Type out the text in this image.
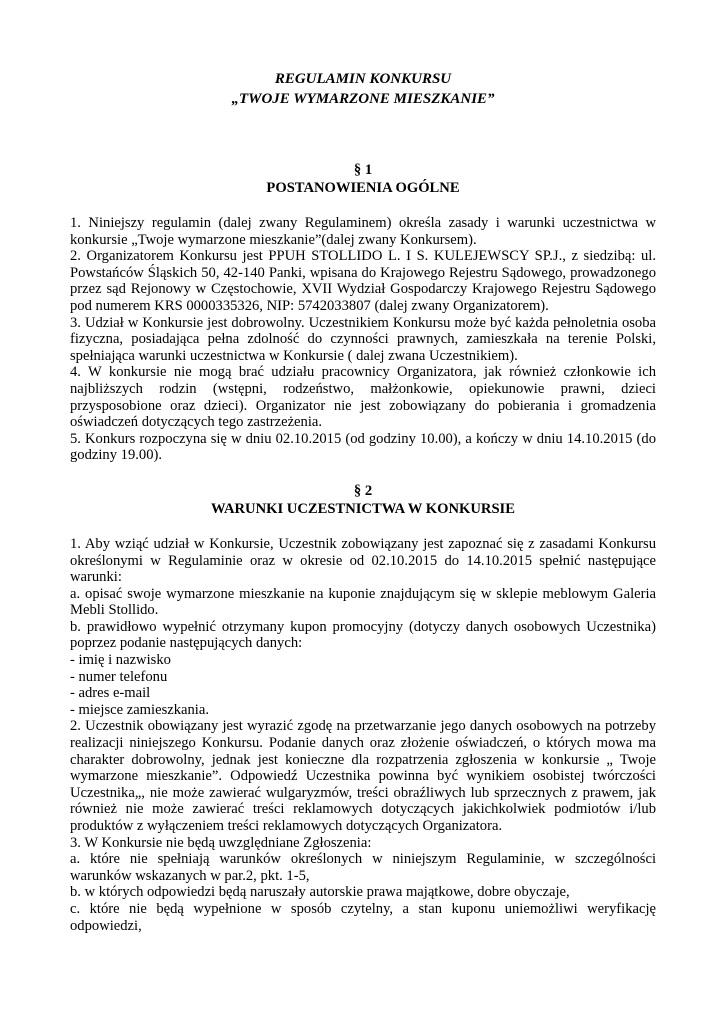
REGULAMIN KONKURSU

„TWOJE WYMARZONE MIESZKANIE”

§ 1

POSTANOWIENIA OGÓLNE

1. Niniejszy regulamin (dalej zwany Regulaminem) określa zasady i warunki uczestnictwa w konkursie „Twoje wymarzone mieszkanie”(dalej zwany Konkursem).

2. Organizatorem Konkursu jest PPUH STOLLIDO L. I S. KULEJEWSCY SP.J., z siedzibą: ul. Powstańców Śląskich 50, 42-140 Panki, wpisana do Krajowego Rejestru Sądowego, prowadzonego przez sąd Rejonowy w Częstochowie, XVII Wydział Gospodarczy Krajowego Rejestru Sądowego pod numerem KRS 0000335326, NIP: 5742033807 (dalej zwany Organizatorem).

3. Udział w Konkursie jest dobrowolny. Uczestnikiem Konkursu może być każda pełnoletnia osoba fizyczna, posiadająca pełna zdolność do czynności prawnych, zamieszkała na terenie Polski, spełniająca warunki uczestnictwa w Konkursie ( dalej zwana Uczestnikiem).

4. W konkursie nie mogą brać udziału pracownicy Organizatora, jak również członkowie ich najbliższych rodzin (wstępni, rodzeństwo, małżonkowie, opiekunowie prawni, dzieci przysposobione oraz dzieci). Organizator nie jest zobowiązany do pobierania i gromadzenia oświadczeń dotyczących tego zastrzeżenia.

5. Konkurs rozpoczyna się w dniu 02.10.2015 (od godziny 10.00), a kończy w dniu 14.10.2015 (do godziny 19.00).

§ 2

WARUNKI UCZESTNICTWA W KONKURSIE

1. Aby wziąć udział w Konkursie, Uczestnik zobowiązany jest zapoznać się z zasadami Konkursu określonymi w Regulaminie oraz w okresie od 02.10.2015 do 14.10.2015 spełnić następujące warunki:

a. opisać swoje wymarzone mieszkanie na kuponie znajdującym się w sklepie meblowym Galeria Mebli Stollido.

b. prawidłowo wypełnić otrzymany kupon promocyjny (dotyczy danych osobowych Uczestnika) poprzez podanie następujących danych:

- imię i nazwisko

- numer telefonu

- adres e-mail

- miejsce zamieszkania.

2. Uczestnik obowiązany jest wyrazić zgodę na przetwarzanie jego danych osobowych na potrzeby realizacji niniejszego Konkursu. Podanie danych oraz złożenie oświadczeń, o których mowa ma charakter dobrowolny, jednak jest konieczne dla rozpatrzenia zgłoszenia w konkursie „ Twoje wymarzone mieszkanie”. Odpowiedź Uczestnika powinna być wynikiem osobistej twórczości Uczestnika„, nie może zawierać wulgaryzmów, treści obraźliwych lub sprzecznych z prawem, jak również nie może zawierać treści reklamowych dotyczących jakichkolwiek podmiotów i/lub produktów z wyłączeniem treści reklamowych dotyczących Organizatora.

3. W Konkursie nie będą uwzględniane Zgłoszenia:

a. które nie spełniają warunków określonych w niniejszym Regulaminie, w szczególności warunków wskazanych w par.2, pkt. 1-5,

b. w których odpowiedzi będą naruszały autorskie prawa majątkowe, dobre obyczaje,

c. które nie będą wypełnione w sposób czytelny, a stan kuponu uniemożliwi weryfikację odpowiedzi,
